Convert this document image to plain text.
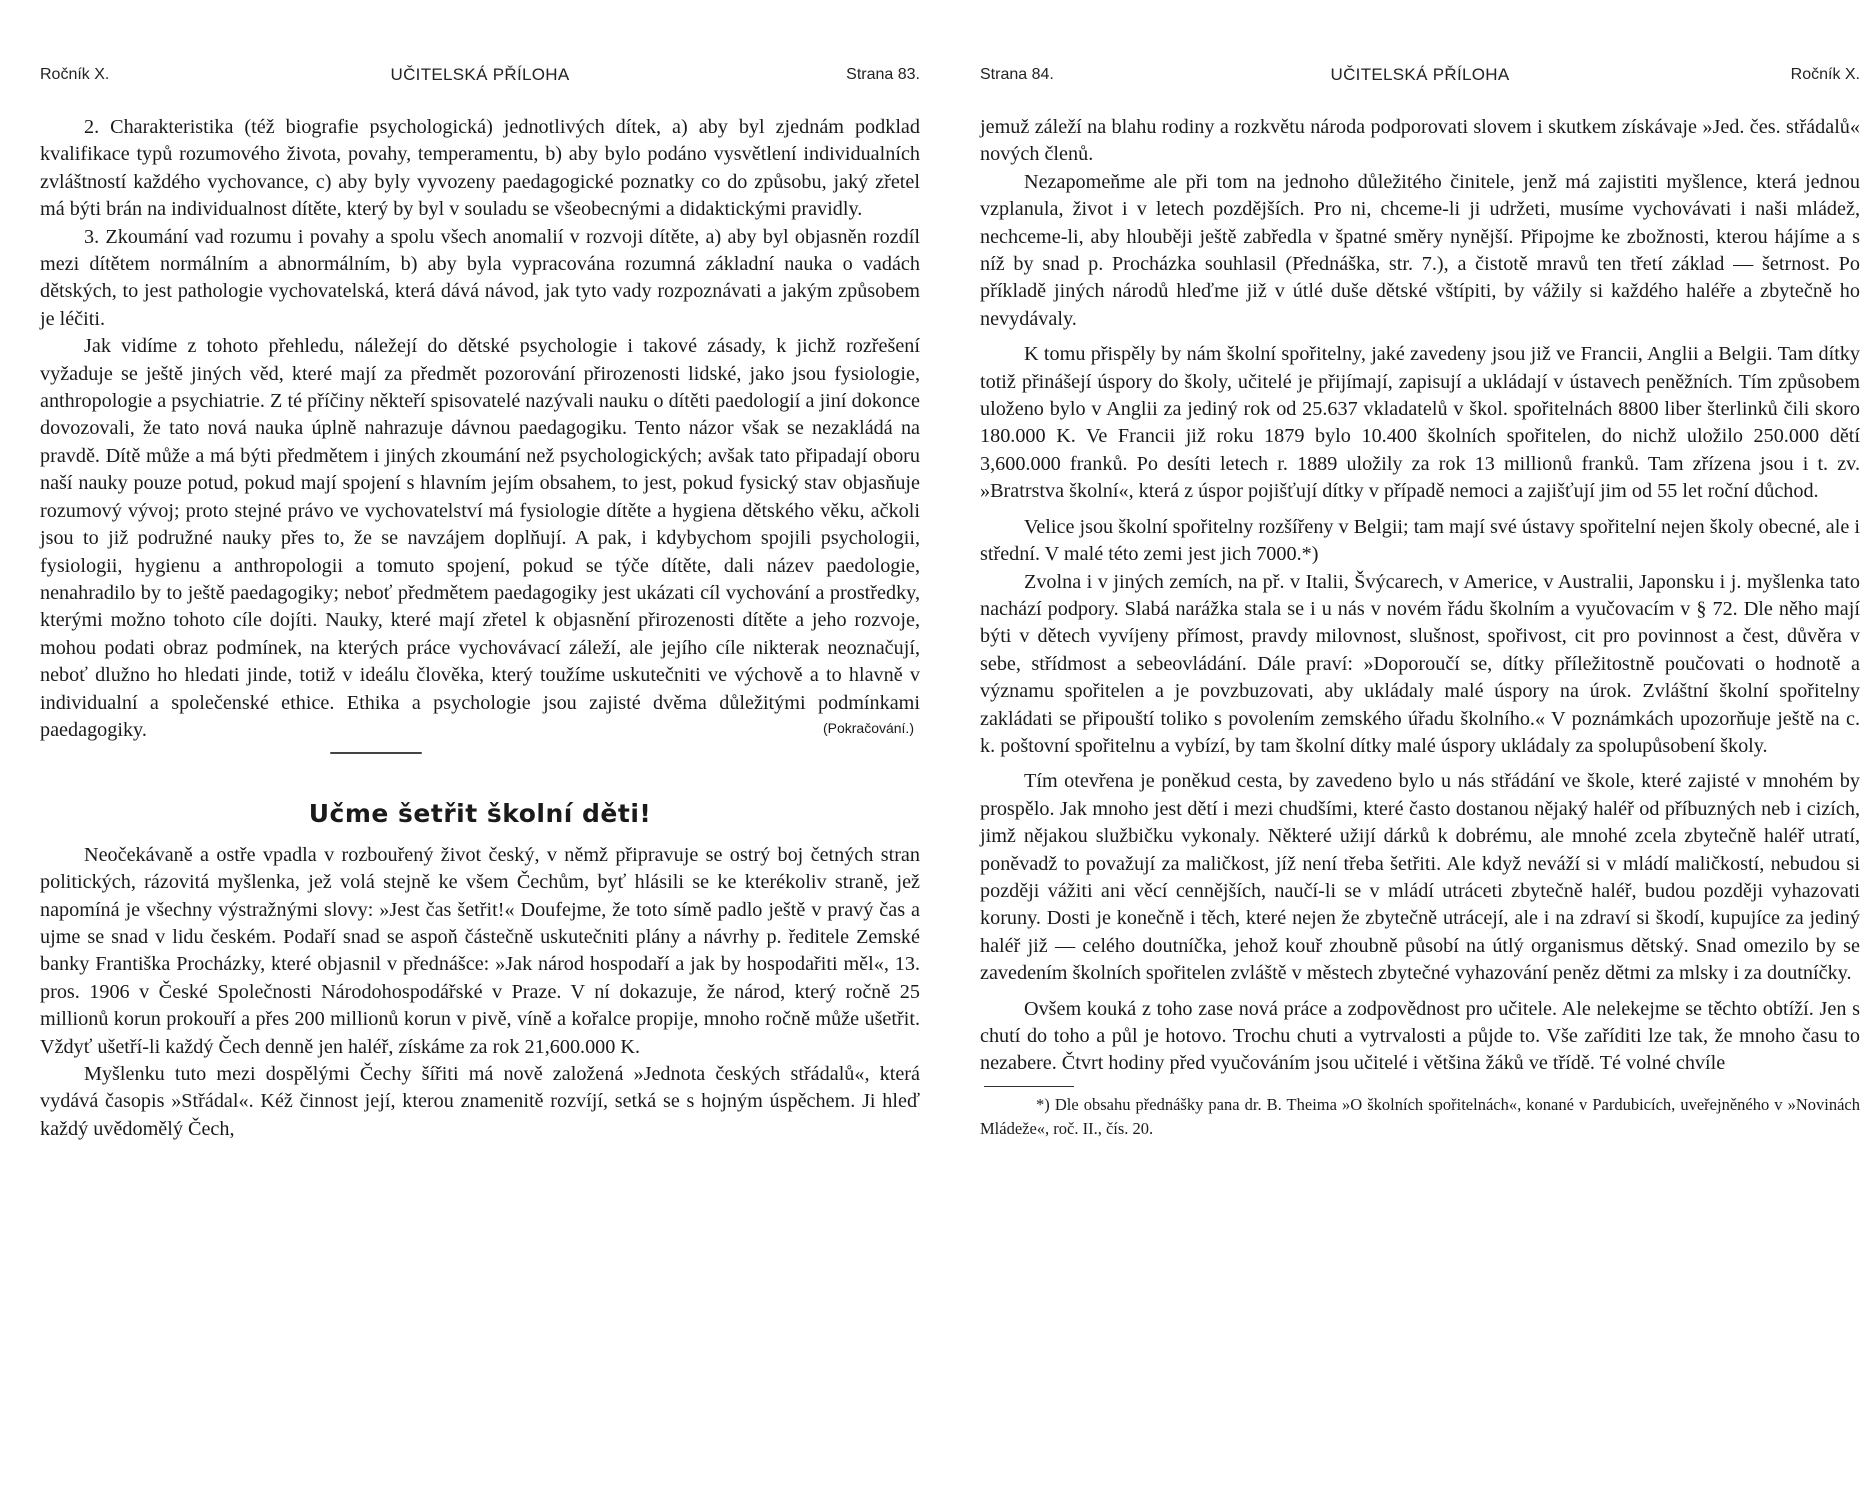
Ročník X.	UČITELSKÁ PŘÍLOHA	Strana 83.

2. Charakteristika (též biografie psychologická) jednotlivých dítek, a) aby byl zjednám podklad kvalifikace typů rozumového života, povahy, temperamentu, b) aby bylo podáno vysvětlení individualních zvláštností každého vychovance, c) aby byly vyvozeny paedagogické poznatky co do způsobu, jaký zřetel má býti brán na individualnost dítěte, který by byl v souladu se všeobecnými a didaktickými pravidly.

3. Zkoumání vad rozumu i povahy a spolu všech anomalií v rozvoji dítěte, a) aby byl objasněn rozdíl mezi dítětem normálním a abnormálním, b) aby byla vypracována rozumná základní nauka o vadách dětských, to jest pathologie vychovatelská, která dává návod, jak tyto vady rozpoznávati a jakým způsobem je léčiti.

Jak vidíme z tohoto přehledu, náležejí do dětské psychologie i takové zásady, k jichž rozřešení vyžaduje se ještě jiných věd, které mají za předmět pozorování přirozenosti lidské, jako jsou fysiologie, anthropologie a psychiatrie. Z té příčiny někteří spisovatelé nazývali nauku o dítěti paedologií a jiní dokonce dovozovali, že tato nová nauka úplně nahrazuje dávnou paedagogiku. Tento názor však se nezakládá na pravdě. Dítě může a má býti předmětem i jiných zkoumání než psychologických; avšak tato připadají oboru naší nauky pouze potud, pokud mají spojení s hlavním jejím obsahem, to jest, pokud fysický stav objasňuje rozumový vývoj; proto stejné právo ve vychovatelství má fysiologie dítěte a hygiena dětského věku, ačkoli jsou to již podružné nauky přes to, že se navzájem doplňují. A pak, i kdybychom spojili psychologii, fysiologii, hygienu a anthropologii a tomuto spojení, pokud se týče dítěte, dali název paedologie, nenahradilo by to ještě paedagogiky; neboť předmětem paedagogiky jest ukázati cíl vychování a prostředky, kterými možno tohoto cíle dojíti. Nauky, které mají zřetel k objasnění přirozenosti dítěte a jeho rozvoje, mohou podati obraz podmínek, na kterých práce vychovávací záleží, ale jejího cíle nikterak neoznačují, neboť dlužno ho hledati jinde, totiž v ideálu člověka, který toužíme uskutečniti ve výchově a to hlavně v individualní a společenské ethice. Ethika a psychologie jsou zajisté dvěma důležitými podmínkami paedagogiky.	(Pokračování.)

Učme šetřit školní děti!

Neočekávaně a ostře vpadla v rozbouřený život český, v němž připravuje se ostrý boj četných stran politických, rázovitá myšlenka, jež volá stejně ke všem Čechům, byť hlásili se ke kterékoliv straně, jež napomíná je všechny výstražnými slovy: »Jest čas šetřit!« Doufejme, že toto símě padlo ještě v pravý čas a ujme se snad v lidu českém. Podaří snad se aspoň částečně uskutečniti plány a návrhy p. ředitele Zemské banky Františka Procházky, které objasnil v přednášce: »Jak národ hospodaří a jak by hospodařiti měl«, 13. pros. 1906 v České Společnosti Národohospodářské v Praze. V ní dokazuje, že národ, který ročně 25 millionů korun prokouří a přes 200 millionů korun v pivě, víně a kořalce propije, mnoho ročně může ušetřit. Vždyť ušetří-li každý Čech denně jen haléř, získáme za rok 21,600.000 K.

Myšlenku tuto mezi dospělými Čechy šířiti má nově založená »Jednota českých střádalů«, která vydává časopis »Střádal«. Kéž činnost její, kterou znamenitě rozvíjí, setká se s hojným úspěchem. Ji hleď každý uvědomělý Čech,

Strana 84.	UČITELSKÁ PŘÍLOHA	Ročník X.

jemuž záleží na blahu rodiny a rozkvětu národa podporovati slovem i skutkem získávaje »Jed. čes. střádalů« nových členů.

Nezapomeňme ale při tom na jednoho důležitého činitele, jenž má zajistiti myšlence, která jednou vzplanula, život i v letech pozdějších. Pro ni, chceme-li ji udržeti, musíme vychovávati i naši mládež, nechceme-li, aby hlouběji ještě zabředla v špatné směry nynější. Připojme ke zbožnosti, kterou hájíme a s níž by snad p. Procházka souhlasil (Přednáška, str. 7.), a čistotě mravů ten třetí základ — šetrnost. Po příkladě jiných národů hleďme již v útlé duše dětské vštípiti, by vážily si každého haléře a zbytečně ho nevydávaly.

K tomu přispěly by nám školní spořitelny, jaké zavedeny jsou již ve Francii, Anglii a Belgii. Tam dítky totiž přinášejí úspory do školy, učitelé je přijímají, zapisují a ukládají v ústavech peněžních. Tím způsobem uloženo bylo v Anglii za jediný rok od 25.637 vkladatelů v škol. spořitelnách 8800 liber šterlinků čili skoro 180.000 K. Ve Francii již roku 1879 bylo 10.400 školních spořitelen, do nichž uložilo 250.000 dětí 3,600.000 franků. Po desíti letech r. 1889 uložily za rok 13 millionů franků. Tam zřízena jsou i t. zv. »Bratrstva školní«, která z úspor pojišťují dítky v případě nemoci a zajišťují jim od 55 let roční důchod.

Velice jsou školní spořitelny rozšířeny v Belgii; tam mají své ústavy spořitelní nejen školy obecné, ale i střední. V malé této zemi jest jich 7000.*)

Zvolna i v jiných zemích, na př. v Italii, Švýcarech, v Americe, v Australii, Japonsku i j. myšlenka tato nachází podpory. Slabá narážka stala se i u nás v novém řádu školním a vyučovacím v § 72. Dle něho mají býti v dětech vyvíjeny přímost, pravdy milovnost, slušnost, spořivost, cit pro povinnost a čest, důvěra v sebe, střídmost a sebeovládání. Dále praví: »Doporoučí se, dítky příležitostně poučovati o hodnotě a významu spořitelen a je povzbuzovati, aby ukládaly malé úspory na úrok. Zvláštní školní spořitelny zakládati se připouští toliko s povolením zemského úřadu školního.« V poznámkách upozorňuje ještě na c. k. poštovní spořitelnu a vybízí, by tam školní dítky malé úspory ukládaly za spolupůsobení školy.

Tím otevřena je poněkud cesta, by zavedeno bylo u nás střádání ve škole, které zajisté v mnohém by prospělo. Jak mnoho jest dětí i mezi chudšími, které často dostanou nějaký haléř od příbuzných neb i cizích, jimž nějakou službičku vykonaly. Některé užijí dárků k dobrému, ale mnohé zcela zbytečně haléř utratí, poněvadž to považují za maličkost, jíž není třeba šetřiti. Ale když neváží si v mládí maličkostí, nebudou si později vážiti ani věcí cennějších, naučí-li se v mládí utráceti zbytečně haléř, budou později vyhazovati koruny. Dosti je konečně i těch, které nejen že zbytečně utrácejí, ale i na zdraví si škodí, kupujíce za jediný haléř již — celého doutníčka, jehož kouř zhoubně působí na útlý organismus dětský. Snad omezilo by se zavedením školních spořitelen zvláště v městech zbytečné vyhazování peněz dětmi za mlsky i za doutníčky.

Ovšem kouká z toho zase nová práce a zodpovědnost pro učitele. Ale nelekejme se těchto obtíží. Jen s chutí do toho a půl je hotovo. Trochu chuti a vytrvalosti a půjde to. Vše zaříditi lze tak, že mnoho času to nezabere. Čtvrt hodiny před vyučováním jsou učitelé i většina žáků ve třídě. Té volné chvíle

*) Dle obsahu přednášky pana dr. B. Theima »O školních spořitelnách«, konané v Pardubicích, uveřejněného v »Novinách Mládeže«, roč. II., čís. 20.
